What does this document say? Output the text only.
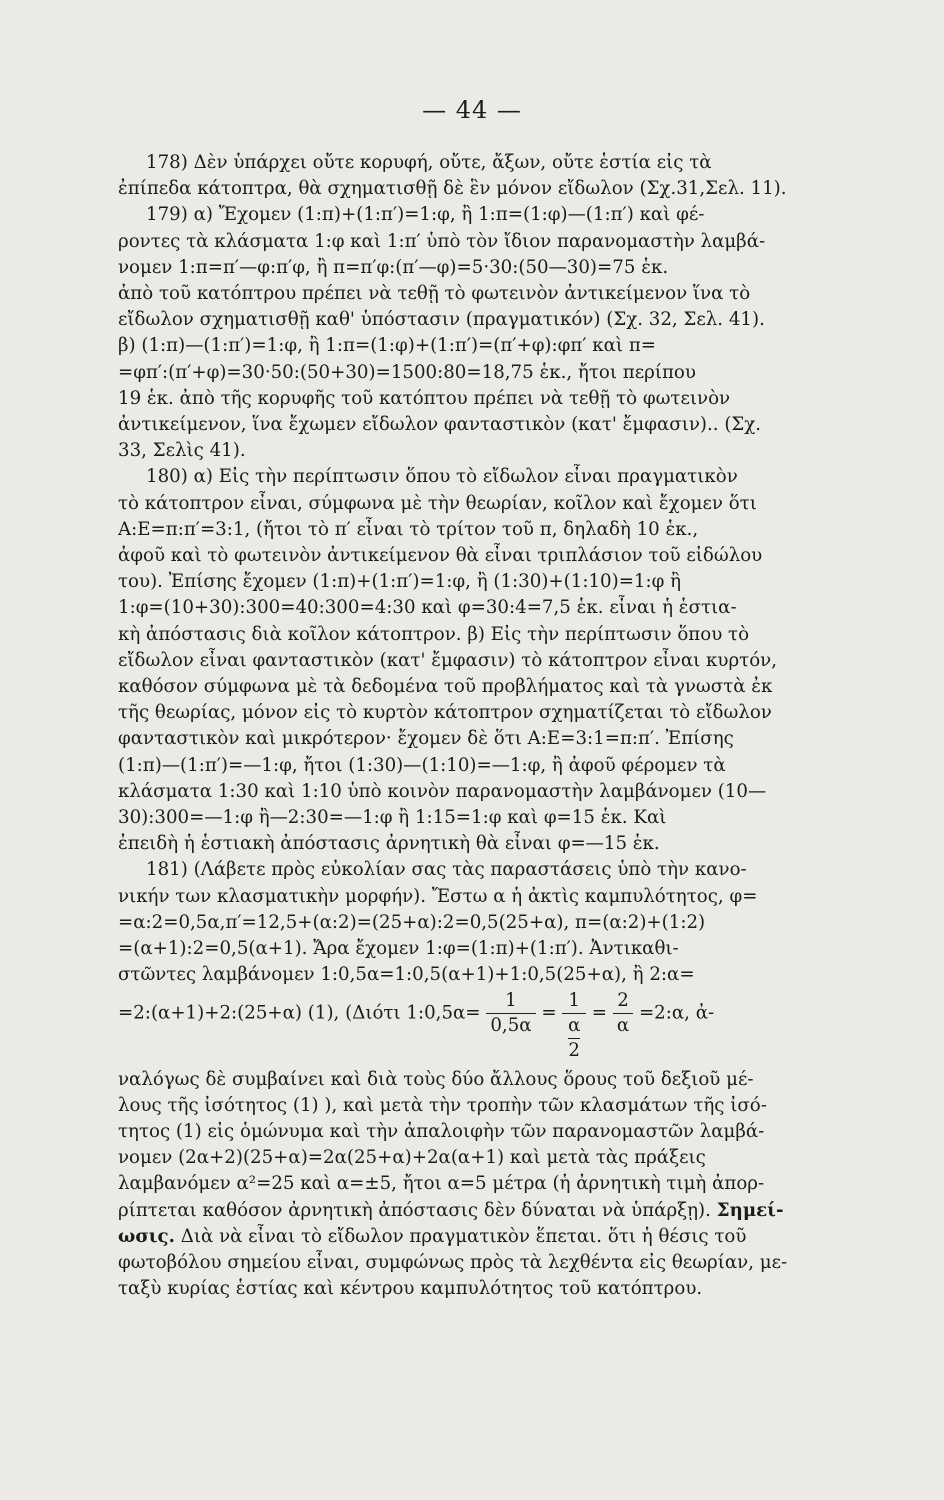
— 44 —
178) Δὲν ὑπάρχει οὔτε κορυφή, οὔτε, ἄξων, οὔτε ἑστία εἰς τὰ
ἐπίπεδα κάτοπτρα, θὰ σχηματισθῇ δὲ ἓν μόνον εἴδωλον (Σχ.31,Σελ. 11).
179) α) Ἔχομεν (1:π)+(1:π′)=1:φ, ἢ 1:π=(1:φ)—(1:π′) καὶ φέ-
ροντες τὰ κλάσματα 1:φ καὶ 1:π′ ὑπὸ τὸν ἴδιον παρανομαστὴν λαμβά-
νομεν 1:π=π′—φ:π′φ, ἢ π=π′φ:(π′—φ)=5·30:(50—30)=75 ἑκ.
ἀπὸ τοῦ κατόπτρου πρέπει νὰ τεθῇ τὸ φωτεινὸν ἀντικείμενον ἵνα τὸ
εἴδωλον σχηματισθῇ καθ' ὑπόστασιν (πραγματικόν) (Σχ. 32, Σελ. 41).
β) (1:π)—(1:π′)=1:φ, ἢ 1:π=(1:φ)+(1:π′)=(π′+φ):φπ′ καὶ π=
=φπ′:(π′+φ)=30·50:(50+30)=1500:80=18,75 ἑκ., ἤτοι περίπου
19 ἑκ. ἀπὸ τῆς κορυφῆς τοῦ κατόπτου πρέπει νὰ τεθῇ τὸ φωτεινὸν
ἀντικείμενον, ἵνα ἔχωμεν εἴδωλον φανταστικὸν (κατ' ἔμφασιν).. (Σχ.
33, Σελὶς 41).
180) α) Εἰς τὴν περίπτωσιν ὅπου τὸ εἴδωλον εἶναι πραγματικὸν
τὸ κάτοπτρον εἶναι, σύμφωνα μὲ τὴν θεωρίαν, κοῖλον καὶ ἔχομεν ὅτι
Α:Ε=π:π′=3:1, (ἤτοι τὸ π′ εἶναι τὸ τρίτον τοῦ π, δηλαδὴ 10 ἑκ.,
ἀφοῦ καὶ τὸ φωτεινὸν ἀντικείμενον θὰ εἶναι τριπλάσιον τοῦ εἰδώλου
του). Ἐπίσης ἔχομεν (1:π)+(1:π′)=1:φ, ἢ (1:30)+(1:10)=1:φ ἢ
1:φ=(10+30):300=40:300=4:30 καὶ φ=30:4=7,5 ἑκ. εἶναι ἡ ἑστια-
κὴ ἀπόστασις διὰ κοῖλον κάτοπτρον. β) Εἰς τὴν περίπτωσιν ὅπου τὸ
εἴδωλον εἶναι φανταστικὸν (κατ' ἔμφασιν) τὸ κάτοπτρον εἶναι κυρτόν,
καθόσον σύμφωνα μὲ τὰ δεδομένα τοῦ προβλήματος καὶ τὰ γνωστὰ ἐκ
τῆς θεωρίας, μόνον εἰς τὸ κυρτὸν κάτοπτρον σχηματίζεται τὸ εἴδωλον
φανταστικὸν καὶ μικρότερον· ἔχομεν δὲ ὅτι Α:Ε=3:1=π:π′. Ἐπίσης
(1:π)—(1:π′)=—1:φ, ἤτοι (1:30)—(1:10)=—1:φ, ἢ ἀφοῦ φέρομεν τὰ
κλάσματα 1:30 καὶ 1:10 ὑπὸ κοινὸν παρανομαστὴν λαμβάνομεν (10—
30):300=—1:φ ἢ—2:30=—1:φ ἢ 1:15=1:φ καὶ φ=15 ἑκ. Καὶ
ἐπειδὴ ἡ ἑστιακὴ ἀπόστασις ἀρνητικὴ θὰ εἶναι φ=—15 ἑκ.
181) (Λάβετε πρὸς εὐκολίαν σας τὰς παραστάσεις ὑπὸ τὴν κανο-
νικήν των κλασματικὴν μορφήν). Ἔστω α ἡ ἀκτὶς καμπυλότητος, φ=
=α:2=0,5α,π′=12,5+(α:2)=(25+α):2=0,5(25+α), π=(α:2)+(1:2)
=(α+1):2=0,5(α+1). Ἄρα ἔχομεν 1:φ=(1:π)+(1:π′). Ἀντικαθι-
στῶντες λαμβάνομεν 1:0,5α=1:0,5(α+1)+1:0,5(25+α), ἢ 2:α=
=2:(α+1)+2:(25+α) (1), (Διότι 1:0,5α= $\frac{1}{0,5\alpha}$ =
1
α
2
= $\frac{2}{\alpha}$ =2:α, ἀ-
ναλόγως δὲ συμβαίνει καὶ διὰ τοὺς δύο ἄλλους ὅρους τοῦ δεξιοῦ μέ-
λους τῆς ἰσότητος (1) ), καὶ μετὰ τὴν τροπὴν τῶν κλασμάτων τῆς ἰσό-
τητος (1) εἰς ὁμώνυμα καὶ τὴν ἀπαλοιφὴν τῶν παρανομαστῶν λαμβά-
νομεν (2α+2)(25+α)=2α(25+α)+2α(α+1) καὶ μετὰ τὰς πράξεις
λαμβανόμεν α²=25 καὶ α=±5, ἤτοι α=5 μέτρα (ἡ ἀρνητικὴ τιμὴ ἀπορ-
ρίπτεται καθόσον ἀρνητικὴ ἀπόστασις δὲν δύναται νὰ ὑπάρξῃ). Σημεί-
ωσις. Διὰ νὰ εἶναι τὸ εἴδωλον πραγματικὸν ἕπεται. ὅτι ἡ θέσις τοῦ
φωτοβόλου σημείου εἶναι, συμφώνως πρὸς τὰ λεχθέντα εἰς θεωρίαν, με-
ταξὺ κυρίας ἑστίας καὶ κέντρου καμπυλότητος τοῦ κατόπτρου.
